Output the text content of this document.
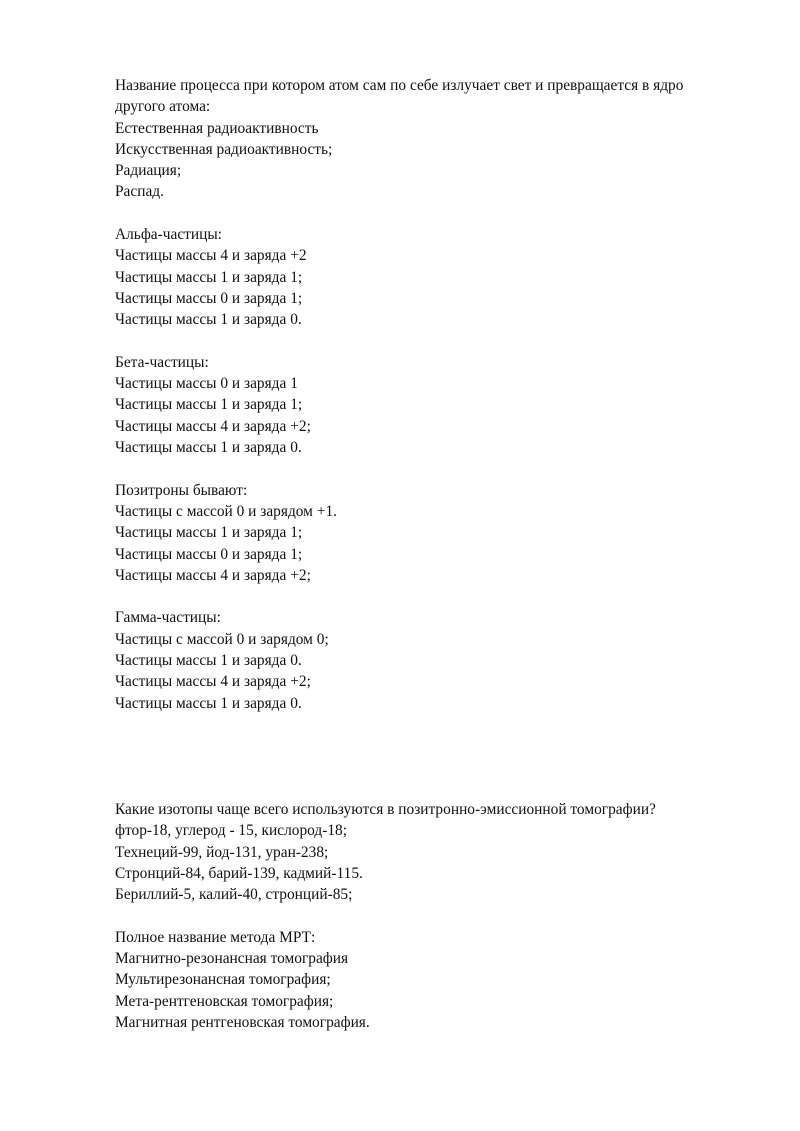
Название процесса при котором атом сам по себе излучает свет и превращается в ядро другого атома:
Естественная радиоактивность
Искусственная радиоактивность;
Радиация;
Распад.
Альфа-частицы:
Частицы массы 4 и заряда +2
Частицы массы 1 и заряда 1;
Частицы массы 0 и заряда 1;
Частицы массы 1 и заряда 0.
Бета-частицы:
Частицы массы 0 и заряда 1
Частицы массы 1 и заряда 1;
Частицы массы 4 и заряда +2;
Частицы массы 1 и заряда 0.
Позитроны бывают:
Частицы с массой 0 и зарядом +1.
Частицы массы 1 и заряда 1;
Частицы массы 0 и заряда 1;
Частицы массы 4 и заряда +2;
Гамма-частицы:
Частицы с массой 0 и зарядом 0;
Частицы массы 1 и заряда 0.
Частицы массы 4 и заряда +2;
Частицы массы 1 и заряда 0.
Какие изотопы чаще всего используются в позитронно-эмиссионной томографии?
фтор-18, углерод - 15, кислород-18;
Технеций-99, йод-131, уран-238;
Стронций-84, барий-139, кадмий-115.
Бериллий-5, калий-40, стронций-85;
Полное название метода МРТ:
Магнитно-резонансная томография
Мультирезонансная томография;
Мета-рентгеновская томография;
Магнитная рентгеновская томография.
